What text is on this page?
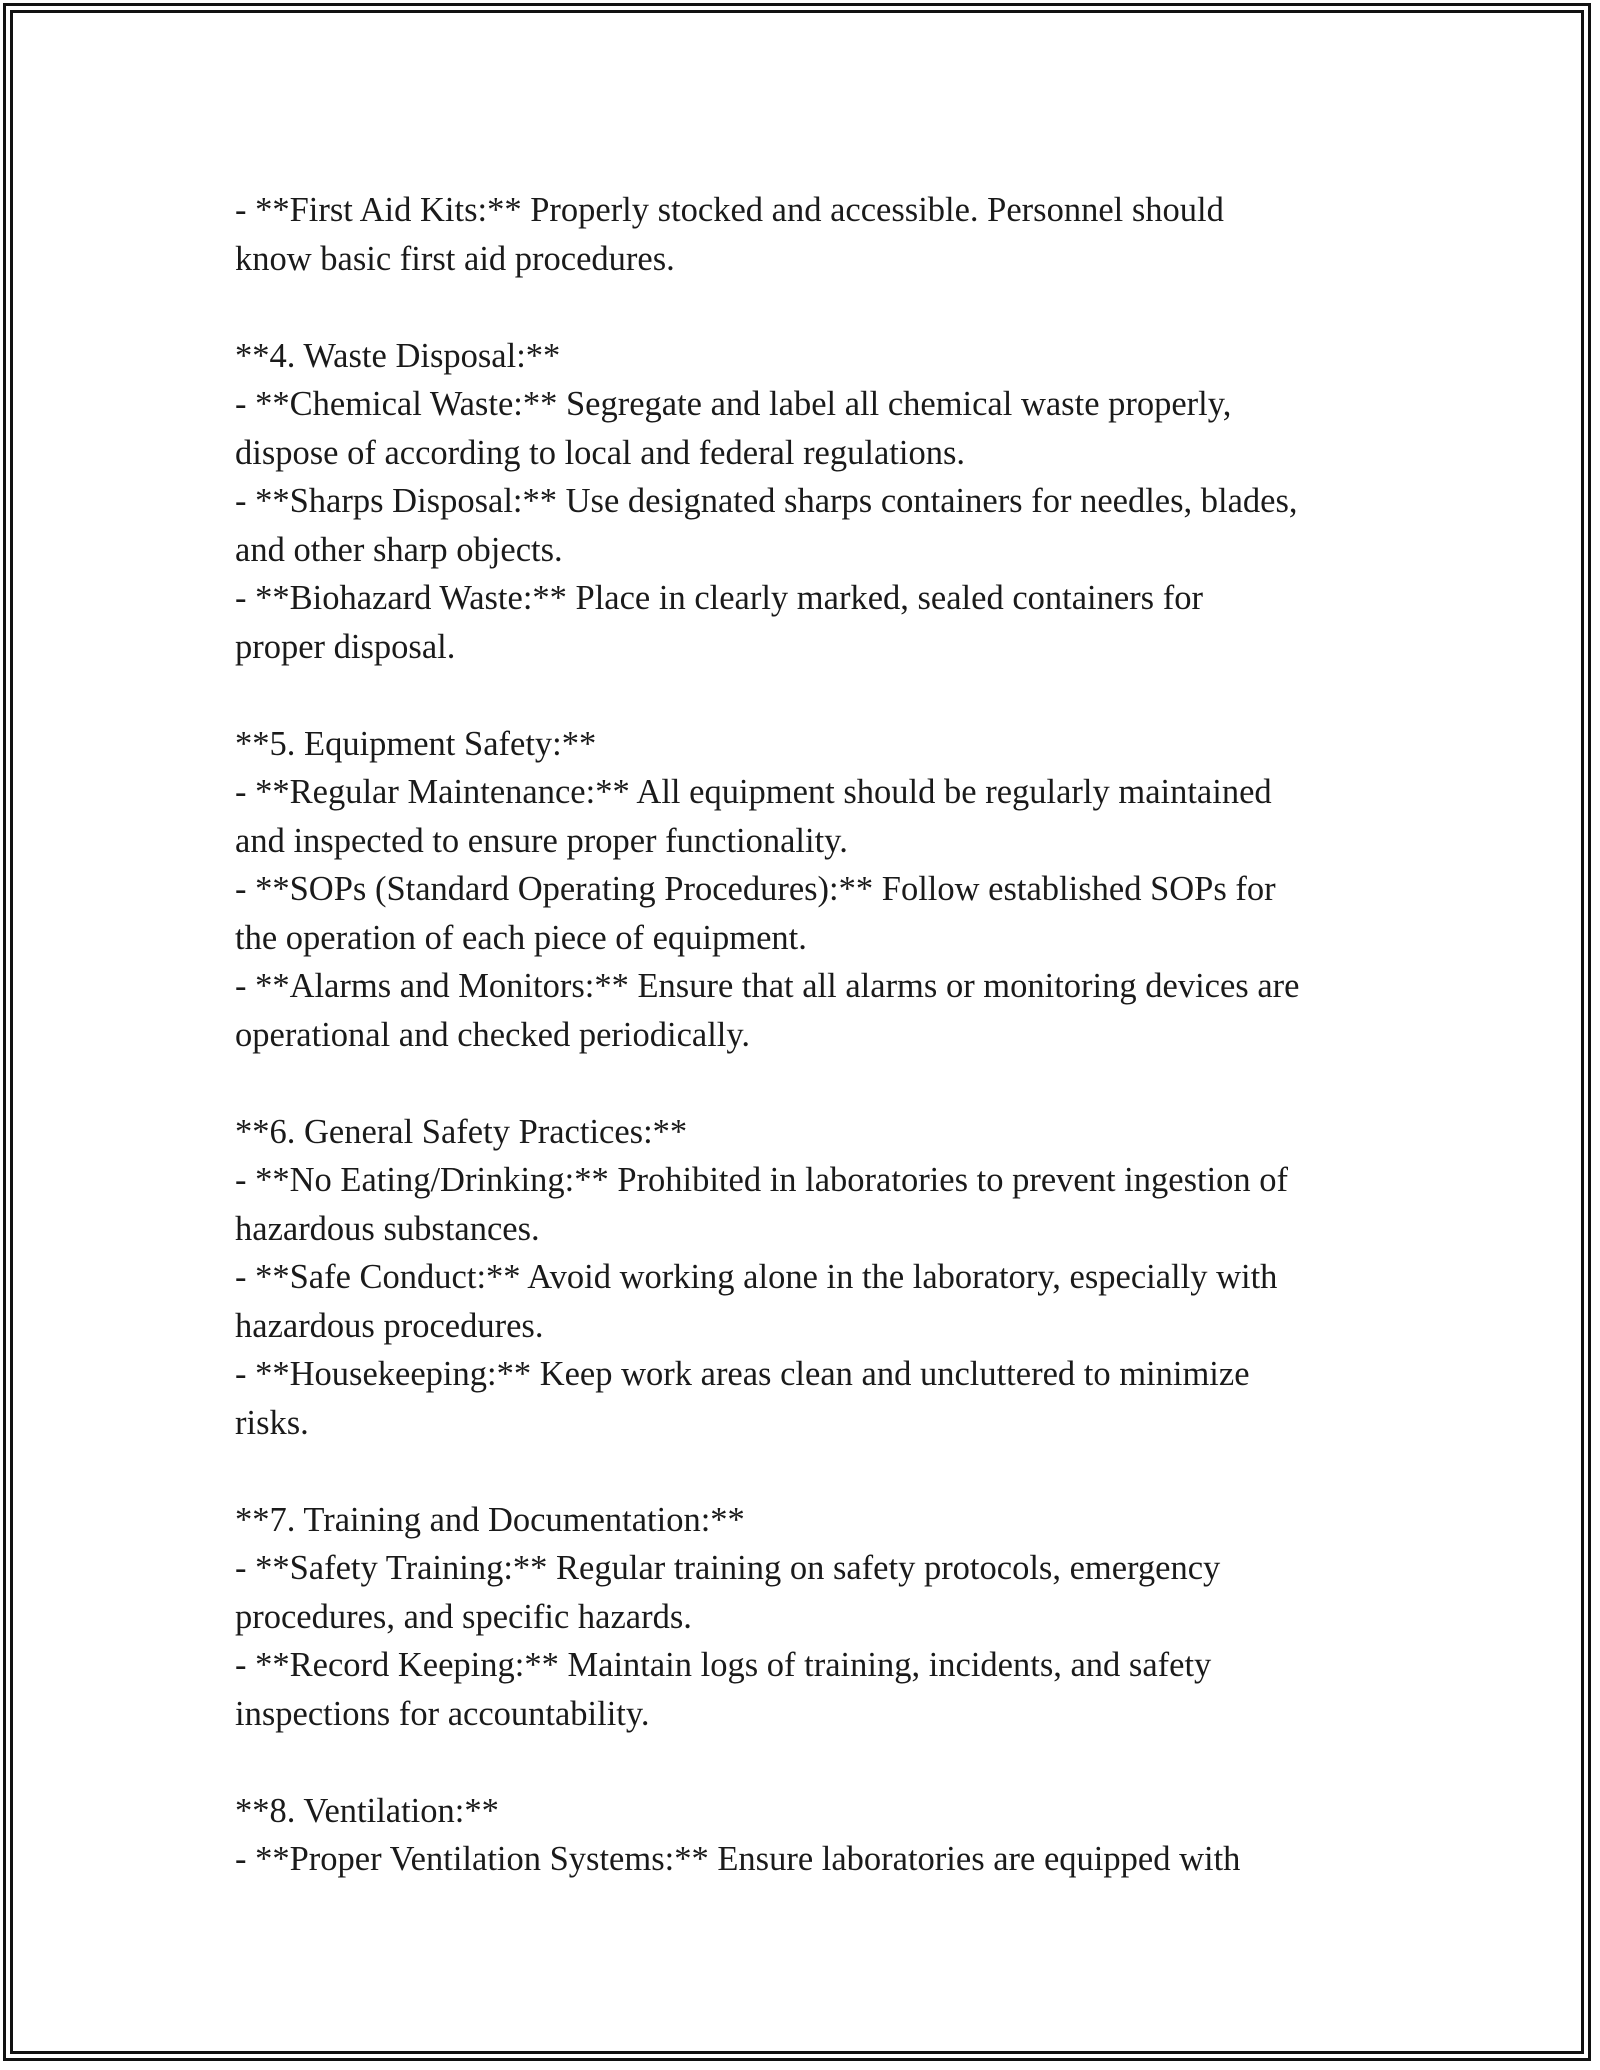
- **First Aid Kits:** Properly stocked and accessible. Personnel should
know basic first aid procedures.
**4. Waste Disposal:**
- **Chemical Waste:** Segregate and label all chemical waste properly,
dispose of according to local and federal regulations.
- **Sharps Disposal:** Use designated sharps containers for needles, blades,
and other sharp objects.
- **Biohazard Waste:** Place in clearly marked, sealed containers for
proper disposal.
**5. Equipment Safety:**
- **Regular Maintenance:** All equipment should be regularly maintained
and inspected to ensure proper functionality.
- **SOPs (Standard Operating Procedures):** Follow established SOPs for
the operation of each piece of equipment.
- **Alarms and Monitors:** Ensure that all alarms or monitoring devices are
operational and checked periodically.
**6. General Safety Practices:**
- **No Eating/Drinking:** Prohibited in laboratories to prevent ingestion of
hazardous substances.
- **Safe Conduct:** Avoid working alone in the laboratory, especially with
hazardous procedures.
- **Housekeeping:** Keep work areas clean and uncluttered to minimize
risks.
**7. Training and Documentation:**
- **Safety Training:** Regular training on safety protocols, emergency
procedures, and specific hazards.
- **Record Keeping:** Maintain logs of training, incidents, and safety
inspections for accountability.
**8. Ventilation:**
- **Proper Ventilation Systems:** Ensure laboratories are equipped with
